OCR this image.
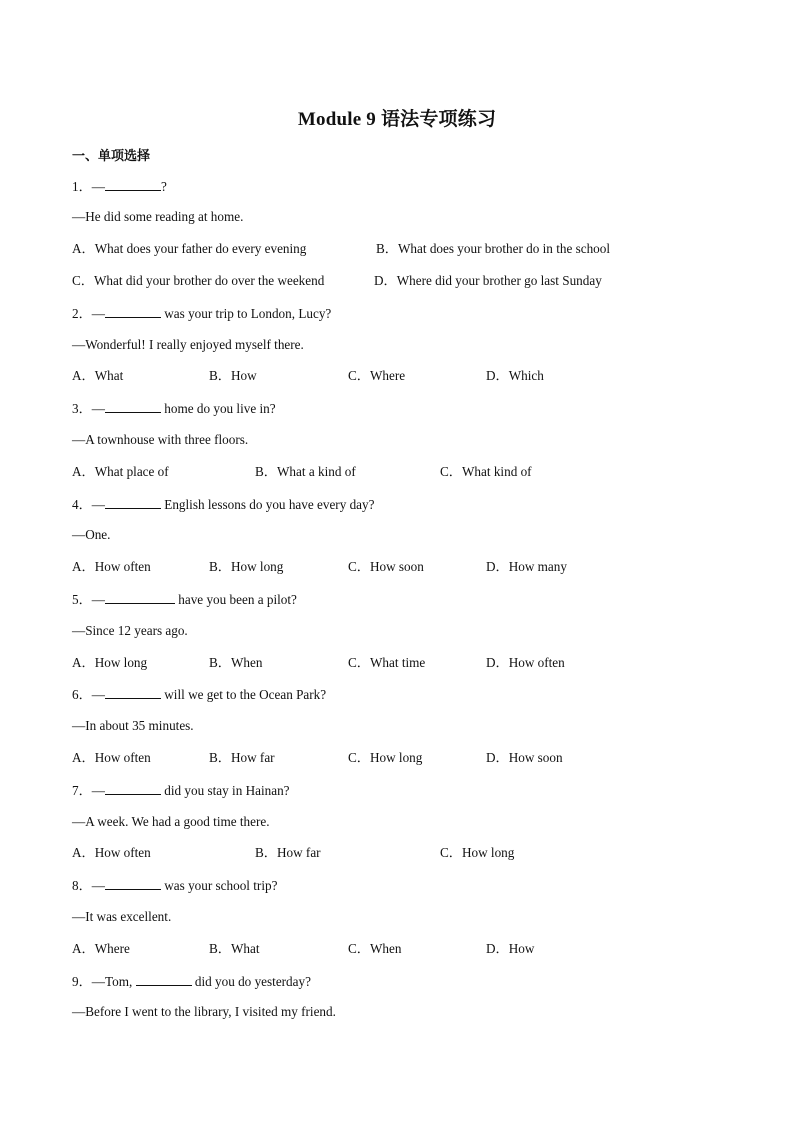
Module 9 语法专项练习
一、单项选择
1．—	?
—He did some reading at home.
A．What does your father do every evening	B．What does your brother do in the school
C．What did your brother do over the weekend	D．Where did your brother go last Sunday
2．—	was your trip to London, Lucy?
—Wonderful! I really enjoyed myself there.
A．What	B．How	C．Where	D．Which
3．—	home do you live in?
—A townhouse with three floors.
A．What place of	B．What a kind of	C．What kind of
4．—	English lessons do you have every day?
—One.
A．How often	B．How long	C．How soon	D．How many
5．—	have you been a pilot?
—Since 12 years ago.
A．How long	B．When	C．What time	D．How often
6．—	will we get to the Ocean Park?
—In about 35 minutes.
A．How often	B．How far	C．How long	D．How soon
7．—	did you stay in Hainan?
—A week. We had a good time there.
A．How often	B．How far	C．How long
8．—	was your school trip?
—It was excellent.
A．Where	B．What	C．When	D．How
9．—Tom,	did you do yesterday?
—Before I went to the library, I visited my friend.
